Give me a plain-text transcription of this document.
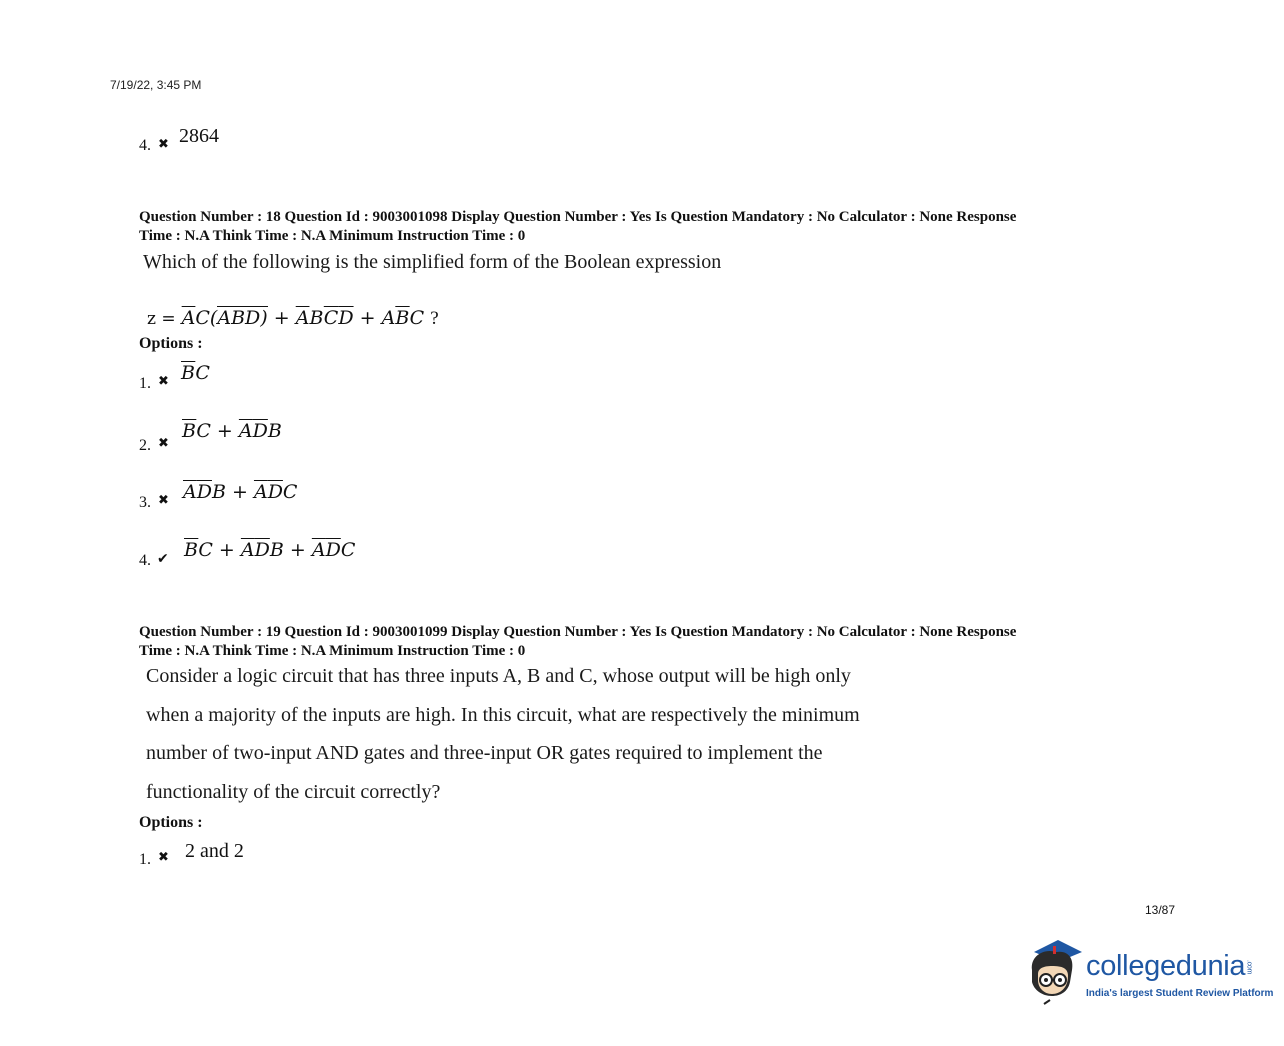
7/19/22, 3:45 PM
4. ✖ 2864
Question Number : 18 Question Id : 9003001098 Display Question Number : Yes Is Question Mandatory : No Calculator : None Response
Time : N.A Think Time : N.A Minimum Instruction Time : 0
Which of the following is the simplified form of the Boolean expression
$z = \overline{A}C(\overline{A}BD) + \overline{A}B\overline{C}\overline{D} + A\overline{B}C$ ?
Options :
1. ✖ $\overline{B}C$
2. ✖
$\overline{B}C + \overline{A}\overline{D}B$
3. ✖ $\overline{A}\overline{D}B + \overline{A}\overline{D}C$
4. ✔ $\overline{B}C + \overline{A}\overline{D}B + \overline{A}\overline{D}C$
Question Number : 19 Question Id : 9003001099 Display Question Number : Yes Is Question Mandatory : No Calculator : None Response
Time : N.A Think Time : N.A Minimum Instruction Time : 0
Consider a logic circuit that has three inputs A, B and C, whose output will be high only
when a majority of the inputs are high. In this circuit, what are respectively the minimum
number of two-input AND gates and three-input OR gates required to implement the
functionality of the circuit correctly?
Options :
1. ✖ 2 and 2
13/87
collegedunia.com
India's largest Student Review Platform
